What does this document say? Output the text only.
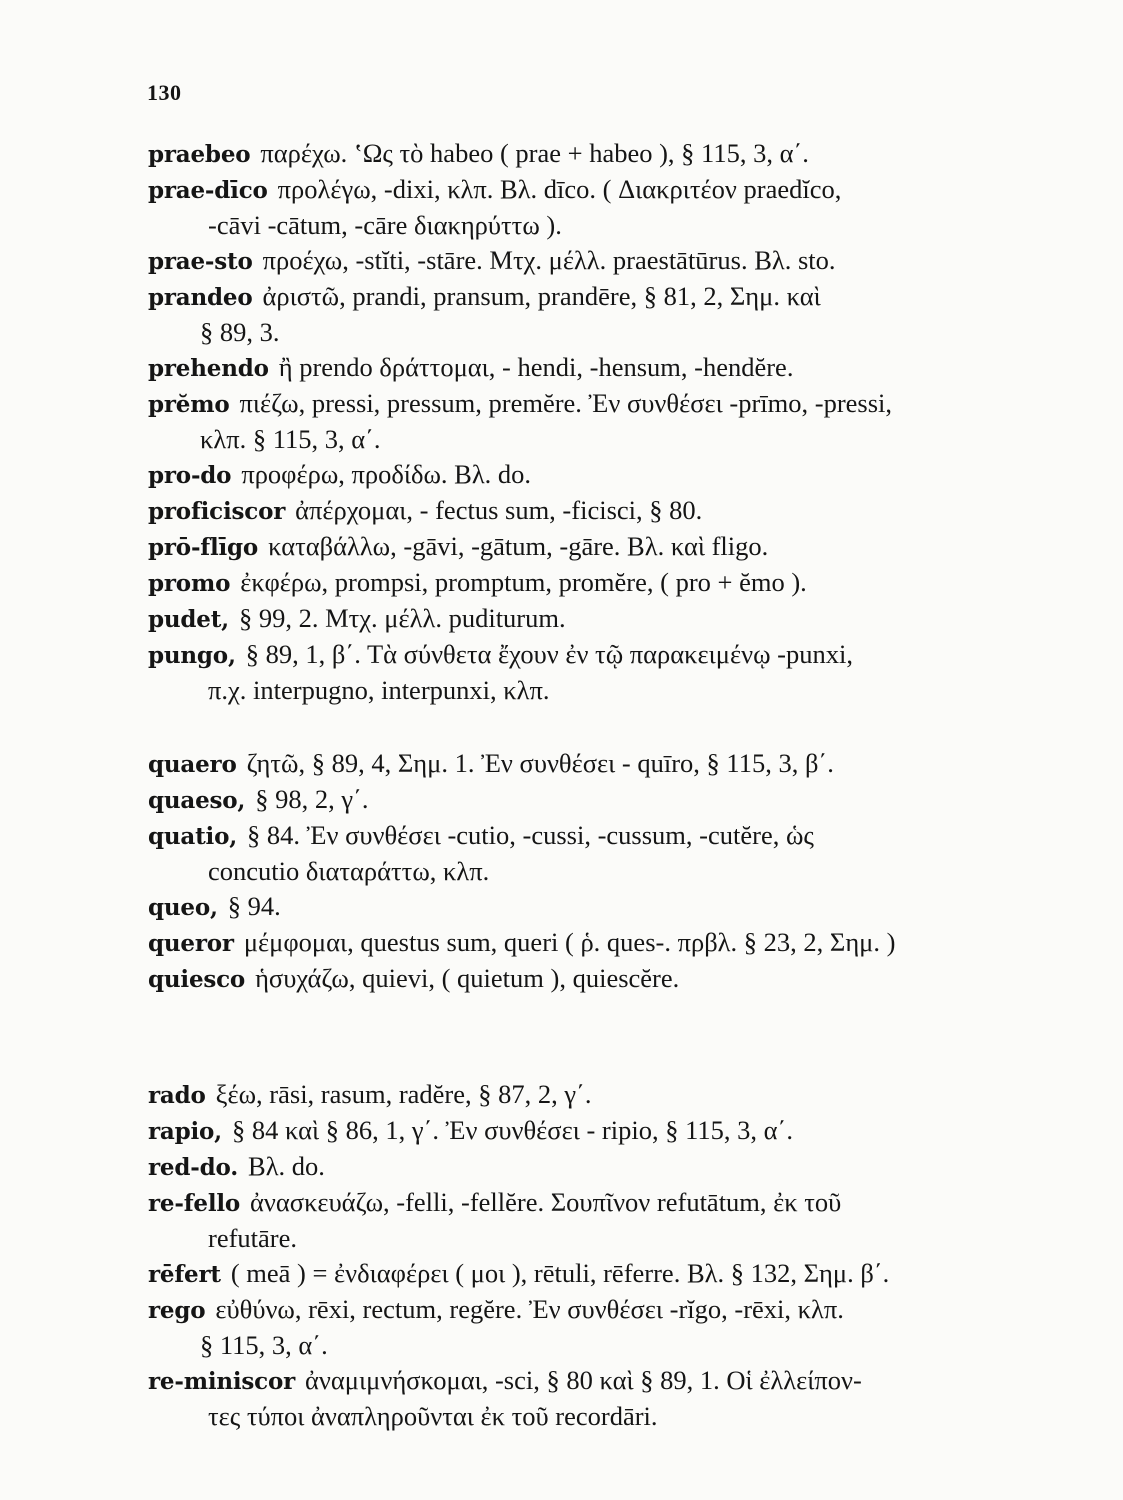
130
praebeo παρέχω. ʽΩς τὸ habeo ( prae + habeo ), § 115, 3, α΄.
prae-dīco προλέγω, -dixi, κλπ. Βλ. dīco. ( Διακριτέον praedĭco,
-cāvi -cātum, -cāre διακηρύττω ).
prae-sto προέχω, -stĭti, -stāre. Μτχ. μέλλ. praestātūrus. Βλ. sto.
prandeo ἀριστῶ, prandi, pransum, prandēre, § 81, 2, Σημ. καὶ
§ 89, 3.
prehendo ἢ prendo δράττομαι, - hendi, -hensum, -hendĕre.
prĕmo πιέζω, pressi, pressum, premĕre. Ἐν συνθέσει -prīmo, -pressi,
κλπ. § 115, 3, α΄.
pro-do προφέρω, προδίδω. Βλ. do.
proficiscor ἀπέρχομαι, - fectus sum, -ficisci, § 80.
prō-flīgo καταβάλλω, -gāvi, -gātum, -gāre. Βλ. καὶ fligo.
promo ἐκφέρω, prompsi, promptum, promĕre, ( pro + ĕmo ).
pudet, § 99, 2. Μτχ. μέλλ. puditurum.
pungo, § 89, 1, β΄. Τὰ σύνθετα ἔχουν ἐν τῷ παρακειμένῳ -punxi,
π.χ. interpugno, interpunxi, κλπ.
quaero ζητῶ, § 89, 4, Σημ. 1. Ἐν συνθέσει - quīro, § 115, 3, β΄.
quaeso, § 98, 2, γ΄.
quatio, § 84. Ἐν συνθέσει -cutio, -cussi, -cussum, -cutĕre, ὡς
concutio διαταράττω, κλπ.
queo, § 94.
queror μέμφομαι, questus sum, queri ( ῥ. ques-. πρβλ. § 23, 2, Σημ. )
quiesco ἡσυχάζω, quievi, ( quietum ), quiescĕre.
rado ξέω, rāsi, rasum, radĕre, § 87, 2, γ΄.
rapio, § 84 καὶ § 86, 1, γ΄. Ἐν συνθέσει - ripio, § 115, 3, α΄.
red-do. Βλ. do.
re-fello ἀνασκευάζω, -felli, -fellĕre. Σουπῖνον refutātum, ἐκ τοῦ
refutāre.
rēfert ( meā ) = ἐνδιαφέρει ( μοι ), rētuli, rēferre. Βλ. § 132, Σημ. β΄.
rego εὐθύνω, rēxi, rectum, regĕre. Ἐν συνθέσει -rĭgo, -rēxi, κλπ.
§ 115, 3, α΄.
re-miniscor ἀναμιμνήσκομαι, -sci, § 80 καὶ § 89, 1. Οἱ ἐλλείπον-
τες τύποι ἀναπληροῦνται ἐκ τοῦ recordāri.
